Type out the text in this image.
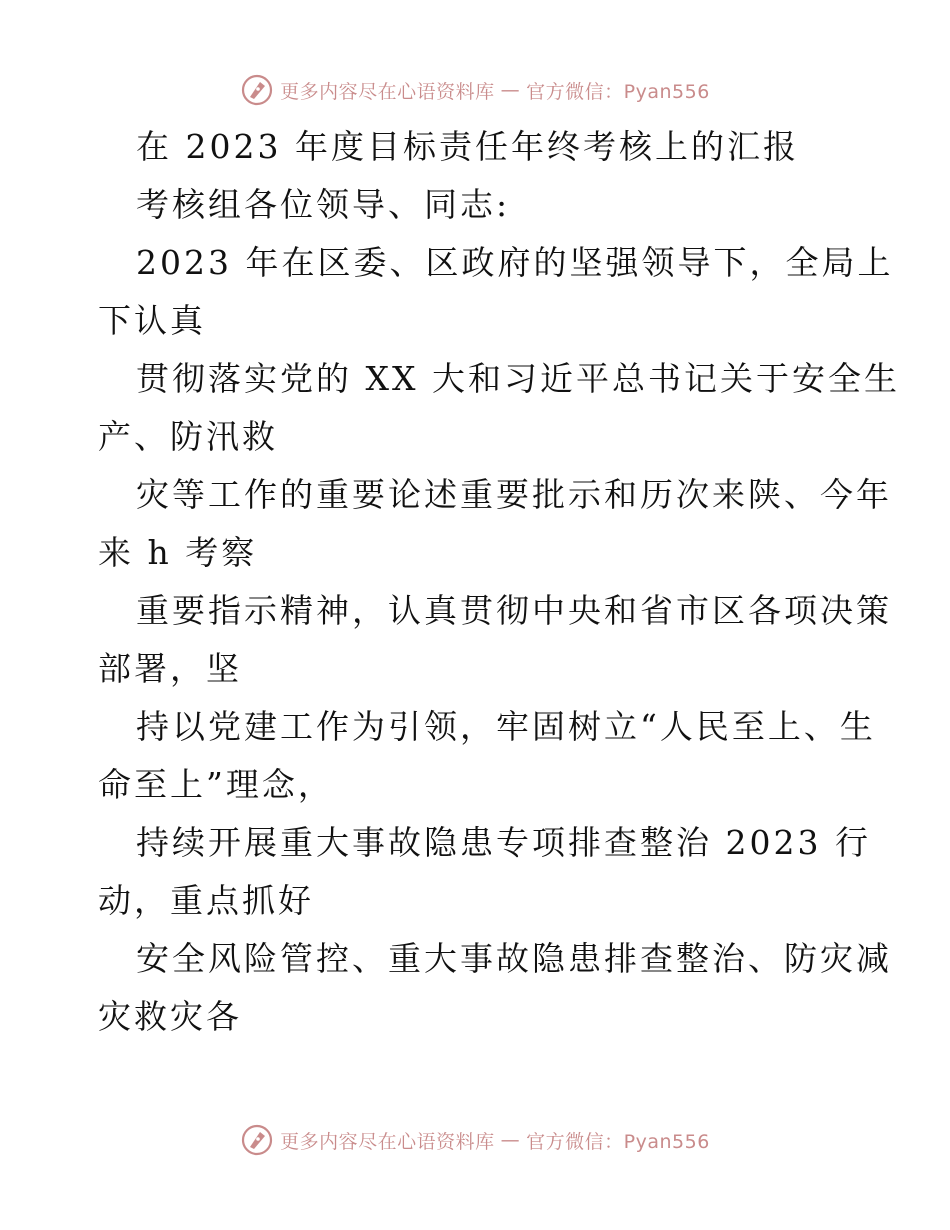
更多内容尽在心语资料库 — 官方微信：Pyan556
在 2023 年度目标责任年终考核上的汇报
考核组各位领导、同志:
2023 年在区委、区政府的坚强领导下，全局上
下认真
贯彻落实党的 XX 大和习近平总书记关于安全生
产、防汛救
灾等工作的重要论述重要批示和历次来陕、今年
来 h 考察
重要指示精神，认真贯彻中央和省市区各项决策
部署，坚
持以党建工作为引领，牢固树立“人民至上、生
命至上”理念，
持续开展重大事故隐患专项排查整治 2023 行
动，重点抓好
安全风险管控、重大事故隐患排查整治、防灾减
灾救灾各
更多内容尽在心语资料库 — 官方微信：Pyan556
